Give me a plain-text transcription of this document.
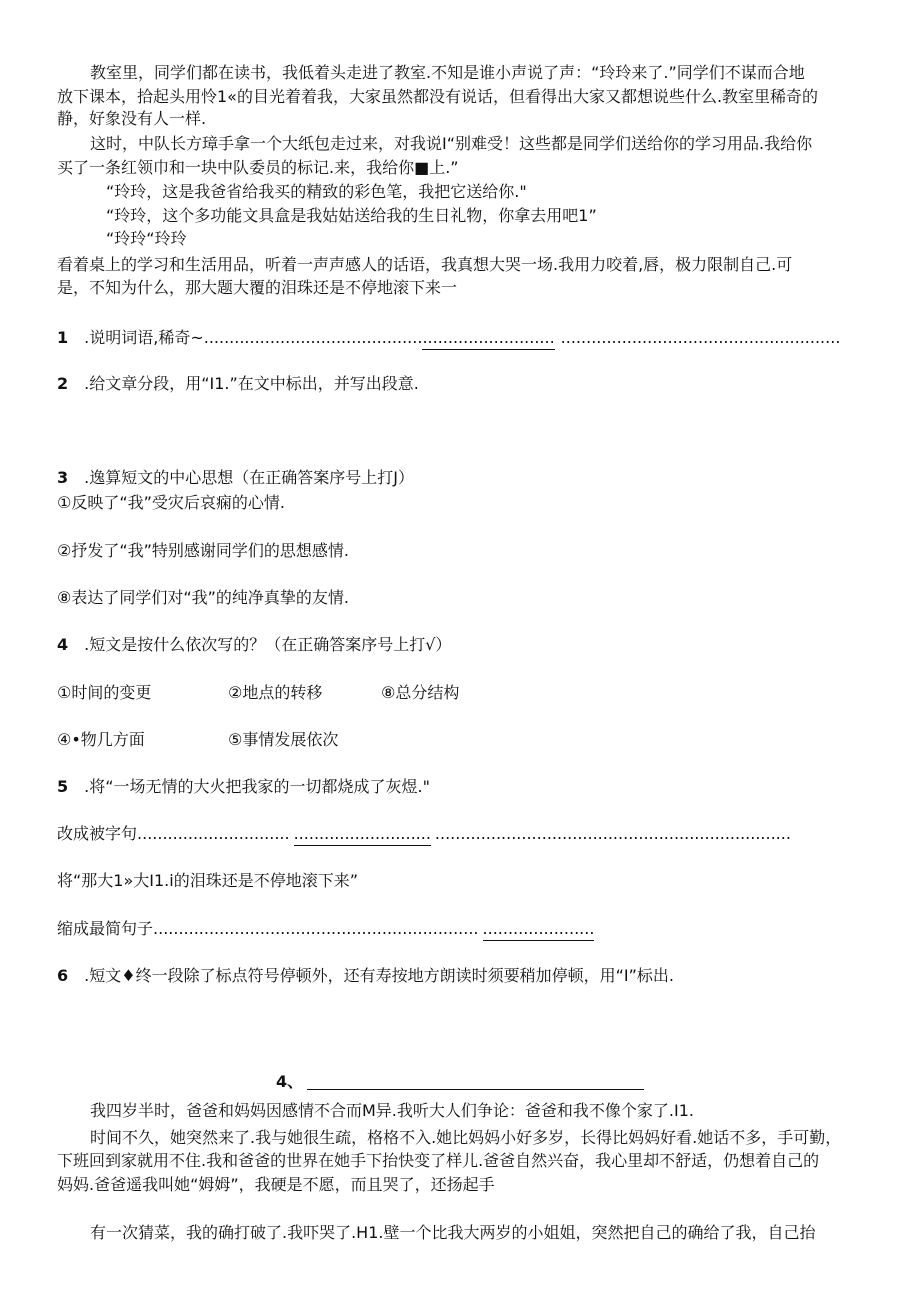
教室里，同学们都在读书，我低着头走进了教室.不知是谁小声说了声：“玲玲来了.”同学们不谋而合地
放下课本，拾起头用怜1«的目光着着我，大家虽然都没有说话，但看得出大家又都想说些什么.教室里稀奇的
静，好象没有人一样.
这时，中队长方璋手拿一个大纸包走过来，对我说I“别难受！这些都是同学们送给你的学习用品.我给你
买了一条红领巾和一块中队委员的标记.来，我给你■上.”
“玲玲，这是我爸省给我买的精致的彩色笔，我把它送给你."
“玲玲，这个多功能文具盒是我姑姑送给我的生日礼物，你拿去用吧1”
“玲玲“玲玲
看着桌上的学习和生活用品，听着一声声感人的话语，我真想大哭一场.我用力咬着,唇，极力限制自己.可
是，不知为什么，那大题大覆的泪珠还是不停地滚下来一
1 .说明词语,稀奇~..................................................................... .......................................................
2 .给文章分段，用“I1.”在文中标出，并写出段意.
3 .逸算短文的中心思想（在正确答案序号上打J）
①反映了“我”受灾后哀痫的心情.
②抒发了“我”特别感谢同学们的思想感情.
⑧表达了同学们对“我”的纯净真挚的友情.
4 .短文是按什么依次写的？（在正确答案序号上打√）
①时间的变更	②地点的转移	⑧总分结构
④•物几方面	⑤事情发展依次
5 .将“一场无情的大火把我家的一切都烧成了灰煜."
改成被字句.............................. ........................... ......................................................................
将“那大1»大I1.i的泪珠还是不停地滚下来”
缩成最简句子................................................................ ......................
6 .短文♦终一段除了标点符号停顿外，还有寿按地方朗读时须要稍加停顿，用“I”标出.
4、
我四岁半时，爸爸和妈妈因感情不合而M异.我听大人们争论：爸爸和我不像个家了.I1.
时间不久，她突然来了.我与她很生疏，格格不入.她比妈妈小好多岁，长得比妈妈好看.她话不多，手可勤，
下班回到家就用不住.我和爸爸的世界在她手下抬快变了样儿.爸爸自然兴奋，我心里却不舒适，仍想着自己的
妈妈.爸爸遥我叫她“姆姆”，我硬是不愿，而且哭了，还扬起手
有一次猜菜，我的确打破了.我吓哭了.H1.壁一个比我大两岁的小姐姐，突然把自己的确给了我，自己抬
